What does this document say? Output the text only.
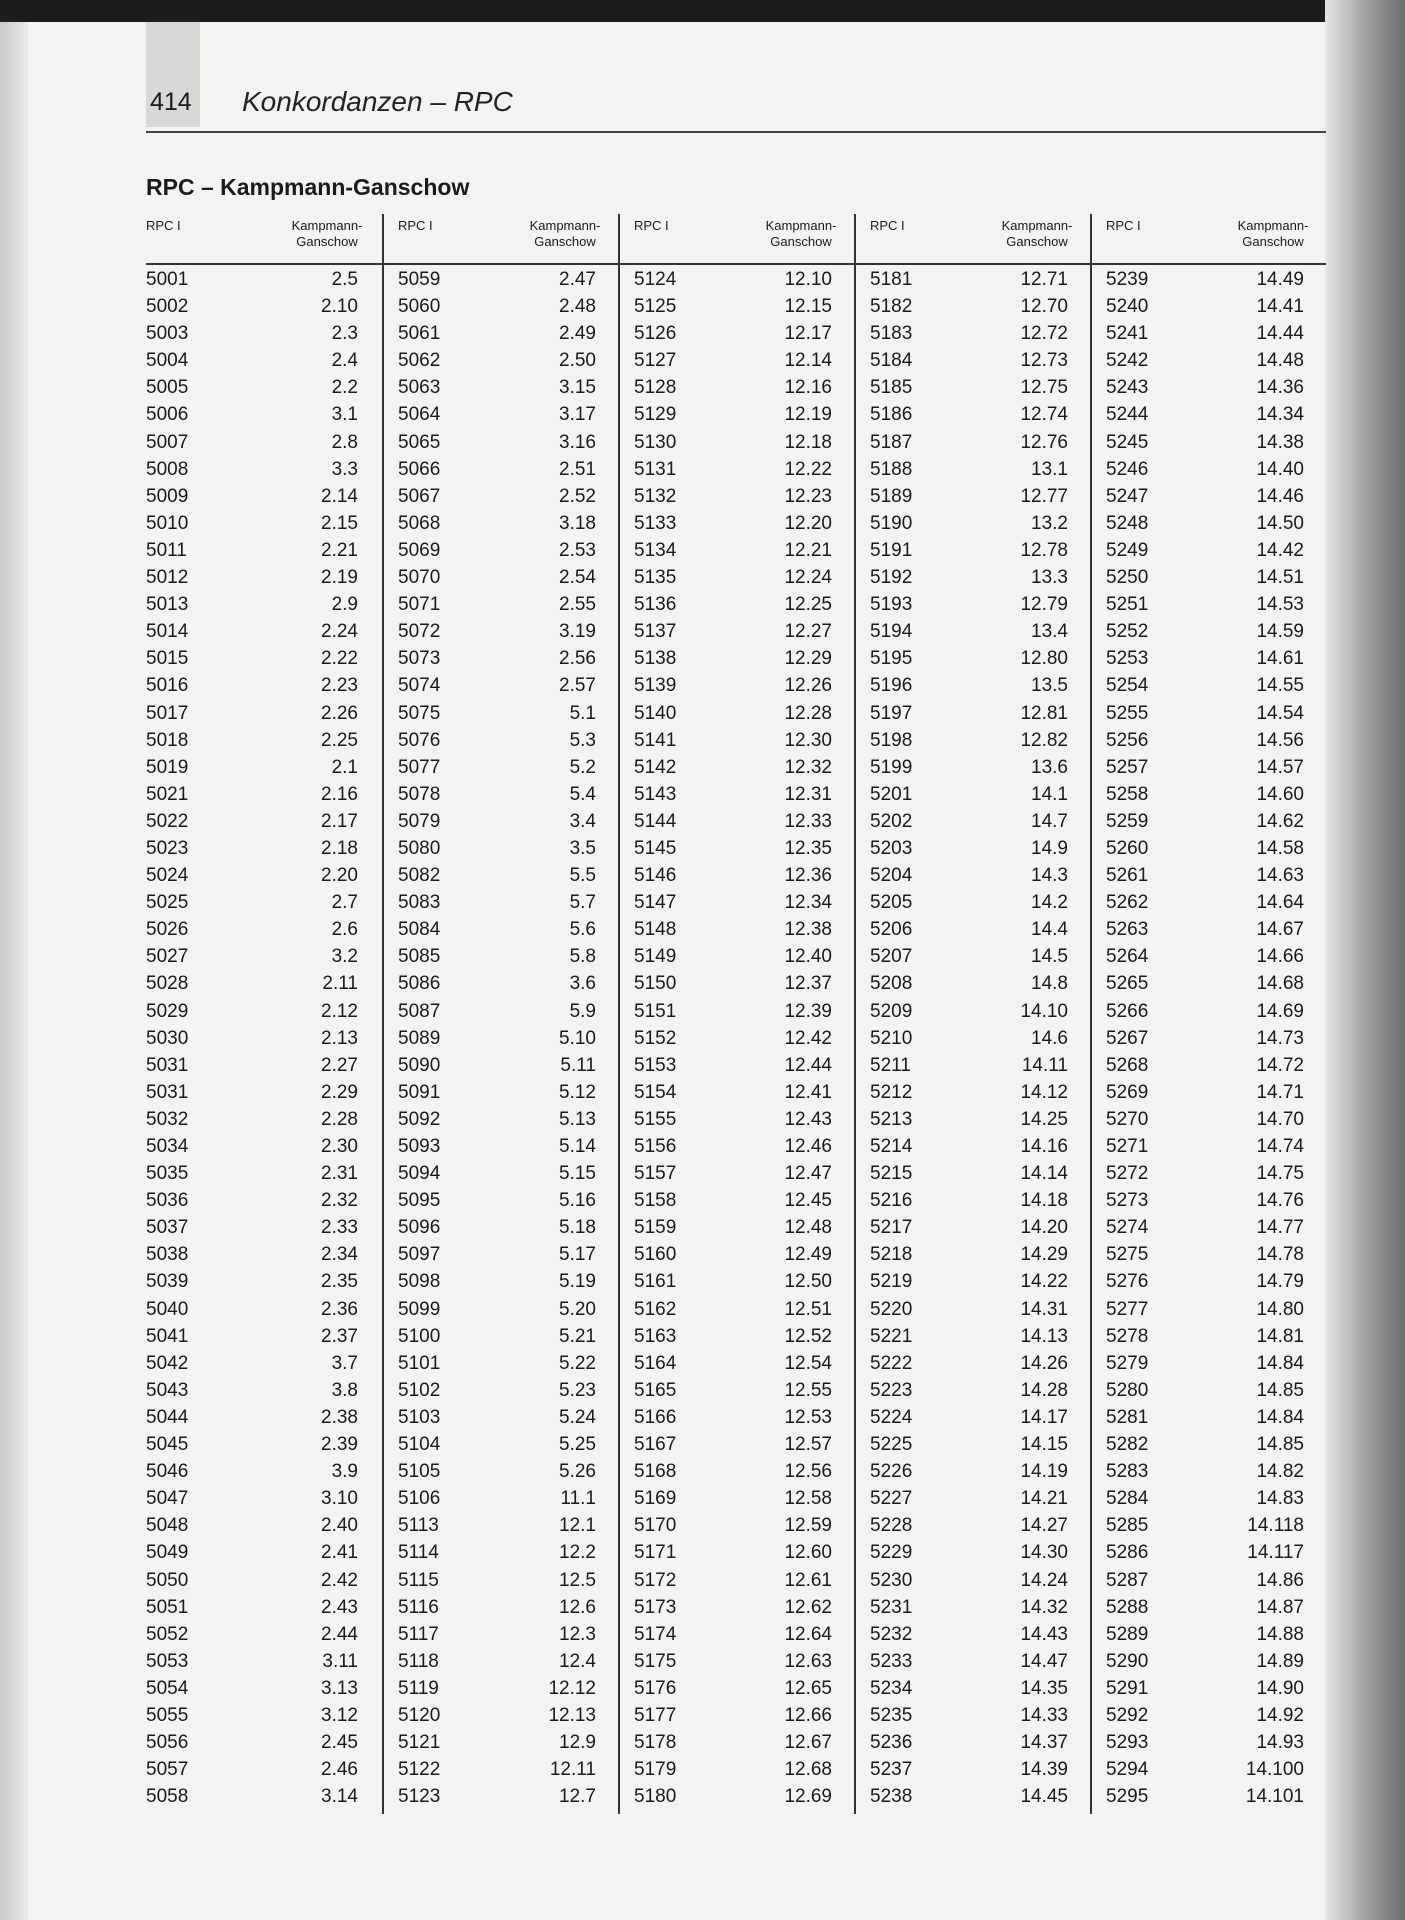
414 Konkordanzen – RPC
RPC – Kampmann-Ganschow
RPC I	Kampmann-
Ganschow
5001	2.5
5002	2.10
5003	2.3
5004	2.4
5005	2.2
5006	3.1
5007	2.8
5008	3.3
5009	2.14
5010	2.15
5011	2.21
5012	2.19
5013	2.9
5014	2.24
5015	2.22
5016	2.23
5017	2.26
5018	2.25
5019	2.1
5021	2.16
5022	2.17
5023	2.18
5024	2.20
5025	2.7
5026	2.6
5027	3.2
5028	2.11
5029	2.12
5030	2.13
5031	2.27
5031	2.29
5032	2.28
5034	2.30
5035	2.31
5036	2.32
5037	2.33
5038	2.34
5039	2.35
5040	2.36
5041	2.37
5042	3.7
5043	3.8
5044	2.38
5045	2.39
5046	3.9
5047	3.10
5048	2.40
5049	2.41
5050	2.42
5051	2.43
5052	2.44
5053	3.11
5054	3.13
5055	3.12
5056	2.45
5057	2.46
5058	3.14
RPC I	Kampmann-
Ganschow
5059	2.47
5060	2.48
5061	2.49
5062	2.50
5063	3.15
5064	3.17
5065	3.16
5066	2.51
5067	2.52
5068	3.18
5069	2.53
5070	2.54
5071	2.55
5072	3.19
5073	2.56
5074	2.57
5075	5.1
5076	5.3
5077	5.2
5078	5.4
5079	3.4
5080	3.5
5082	5.5
5083	5.7
5084	5.6
5085	5.8
5086	3.6
5087	5.9
5089	5.10
5090	5.11
5091	5.12
5092	5.13
5093	5.14
5094	5.15
5095	5.16
5096	5.18
5097	5.17
5098	5.19
5099	5.20
5100	5.21
5101	5.22
5102	5.23
5103	5.24
5104	5.25
5105	5.26
5106	11.1
5113	12.1
5114	12.2
5115	12.5
5116	12.6
5117	12.3
5118	12.4
5119	12.12
5120	12.13
5121	12.9
5122	12.11
5123	12.7
RPC I	Kampmann-
Ganschow
5124	12.10
5125	12.15
5126	12.17
5127	12.14
5128	12.16
5129	12.19
5130	12.18
5131	12.22
5132	12.23
5133	12.20
5134	12.21
5135	12.24
5136	12.25
5137	12.27
5138	12.29
5139	12.26
5140	12.28
5141	12.30
5142	12.32
5143	12.31
5144	12.33
5145	12.35
5146	12.36
5147	12.34
5148	12.38
5149	12.40
5150	12.37
5151	12.39
5152	12.42
5153	12.44
5154	12.41
5155	12.43
5156	12.46
5157	12.47
5158	12.45
5159	12.48
5160	12.49
5161	12.50
5162	12.51
5163	12.52
5164	12.54
5165	12.55
5166	12.53
5167	12.57
5168	12.56
5169	12.58
5170	12.59
5171	12.60
5172	12.61
5173	12.62
5174	12.64
5175	12.63
5176	12.65
5177	12.66
5178	12.67
5179	12.68
5180	12.69
RPC I	Kampmann-
Ganschow
5181	12.71
5182	12.70
5183	12.72
5184	12.73
5185	12.75
5186	12.74
5187	12.76
5188	13.1
5189	12.77
5190	13.2
5191	12.78
5192	13.3
5193	12.79
5194	13.4
5195	12.80
5196	13.5
5197	12.81
5198	12.82
5199	13.6
5201	14.1
5202	14.7
5203	14.9
5204	14.3
5205	14.2
5206	14.4
5207	14.5
5208	14.8
5209	14.10
5210	14.6
5211	14.11
5212	14.12
5213	14.25
5214	14.16
5215	14.14
5216	14.18
5217	14.20
5218	14.29
5219	14.22
5220	14.31
5221	14.13
5222	14.26
5223	14.28
5224	14.17
5225	14.15
5226	14.19
5227	14.21
5228	14.27
5229	14.30
5230	14.24
5231	14.32
5232	14.43
5233	14.47
5234	14.35
5235	14.33
5236	14.37
5237	14.39
5238	14.45
RPC I	Kampmann-
Ganschow
5239	14.49
5240	14.41
5241	14.44
5242	14.48
5243	14.36
5244	14.34
5245	14.38
5246	14.40
5247	14.46
5248	14.50
5249	14.42
5250	14.51
5251	14.53
5252	14.59
5253	14.61
5254	14.55
5255	14.54
5256	14.56
5257	14.57
5258	14.60
5259	14.62
5260	14.58
5261	14.63
5262	14.64
5263	14.67
5264	14.66
5265	14.68
5266	14.69
5267	14.73
5268	14.72
5269	14.71
5270	14.70
5271	14.74
5272	14.75
5273	14.76
5274	14.77
5275	14.78
5276	14.79
5277	14.80
5278	14.81
5279	14.84
5280	14.85
5281	14.84
5282	14.85
5283	14.82
5284	14.83
5285	14.118
5286	14.117
5287	14.86
5288	14.87
5289	14.88
5290	14.89
5291	14.90
5292	14.92
5293	14.93
5294	14.100
5295	14.101
